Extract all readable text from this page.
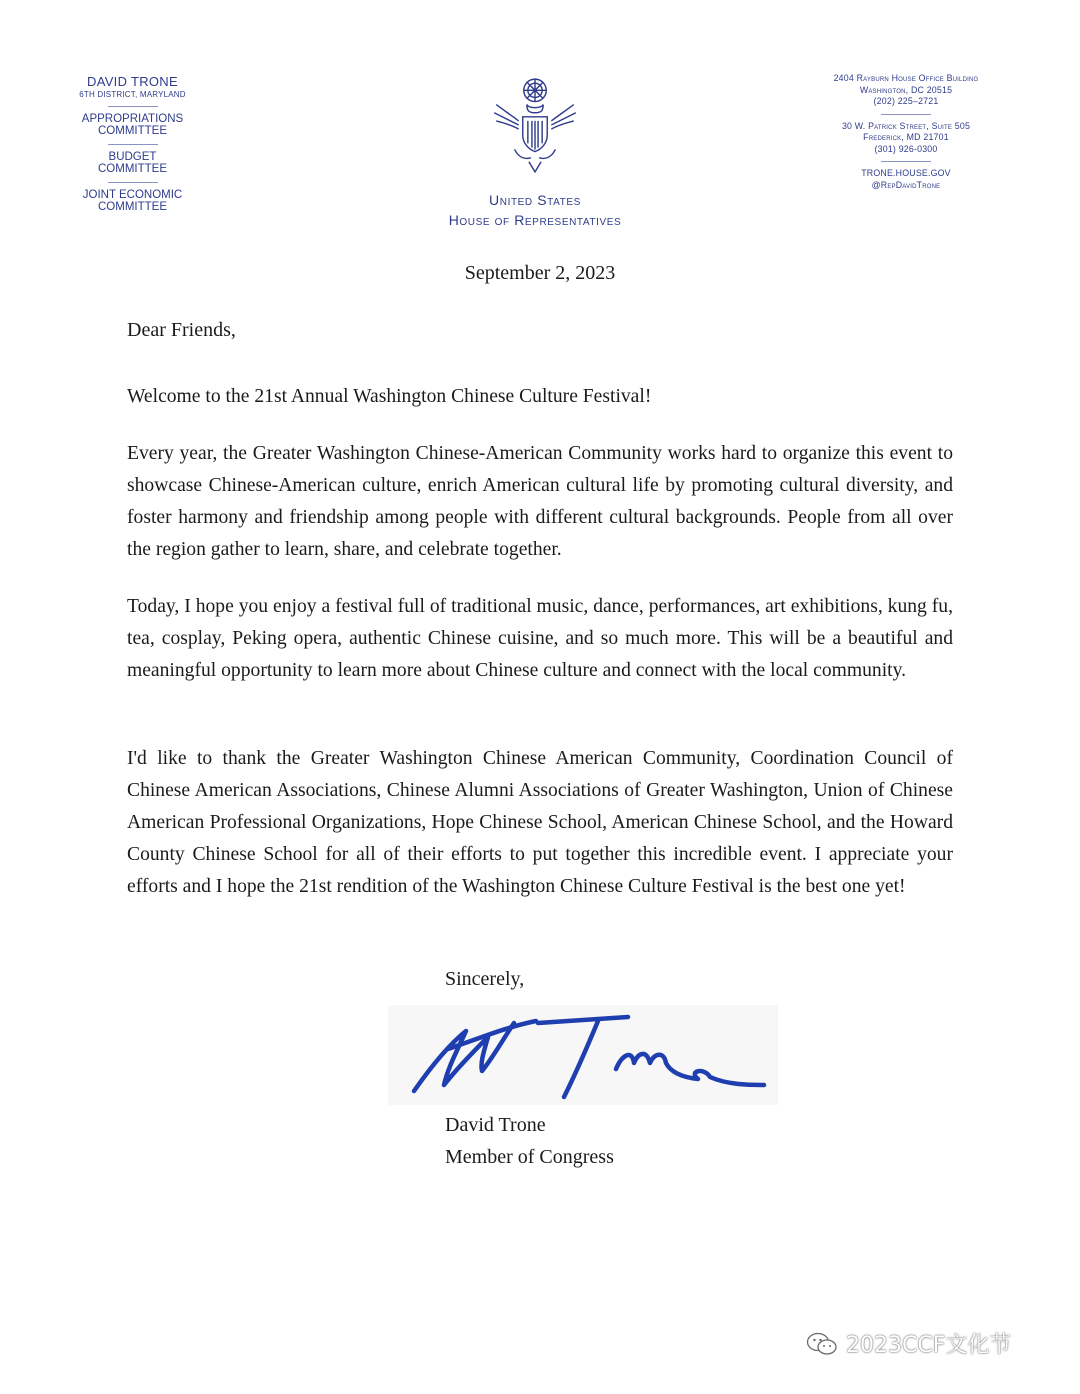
DAVID TRONE
6TH DISTRICT, MARYLAND
APPROPRIATIONS
COMMITTEE
BUDGET
COMMITTEE
JOINT ECONOMIC
COMMITTEE	United States
House of Representatives
2404 Rayburn House Office Building
Washington, DC 20515
(202) 225–2721
30 W. Patrick Street, Suite 505
Frederick, MD 21701
(301) 926-0300
TRONE.HOUSE.GOV
@RepDavidTrone
September 2, 2023
Dear Friends,

Welcome to the 21st Annual Washington Chinese Culture Festival!

Every year, the Greater Washington Chinese-American Community works hard to organize this event to showcase Chinese-American culture, enrich American cultural life by promoting cultural diversity, and foster harmony and friendship among people with different cultural backgrounds. People from all over the region gather to learn, share, and celebrate together.

Today, I hope you enjoy a festival full of traditional music, dance, performances, art exhibitions, kung fu, tea, cosplay, Peking opera, authentic Chinese cuisine, and so much more. This will be a beautiful and meaningful opportunity to learn more about Chinese culture and connect with the local community.

I'd like to thank the Greater Washington Chinese American Community, Coordination Council of Chinese American Associations, Chinese Alumni Associations of Greater Washington, Union of Chinese American Professional Organizations, Hope Chinese School, American Chinese School, and the Howard County Chinese School for all of their efforts to put together this incredible event. I appreciate your efforts and I hope the 21st rendition of the Washington Chinese Culture Festival is the best one yet!

Sincerely,
David Trone
Member of Congress
2023CCF文化节
